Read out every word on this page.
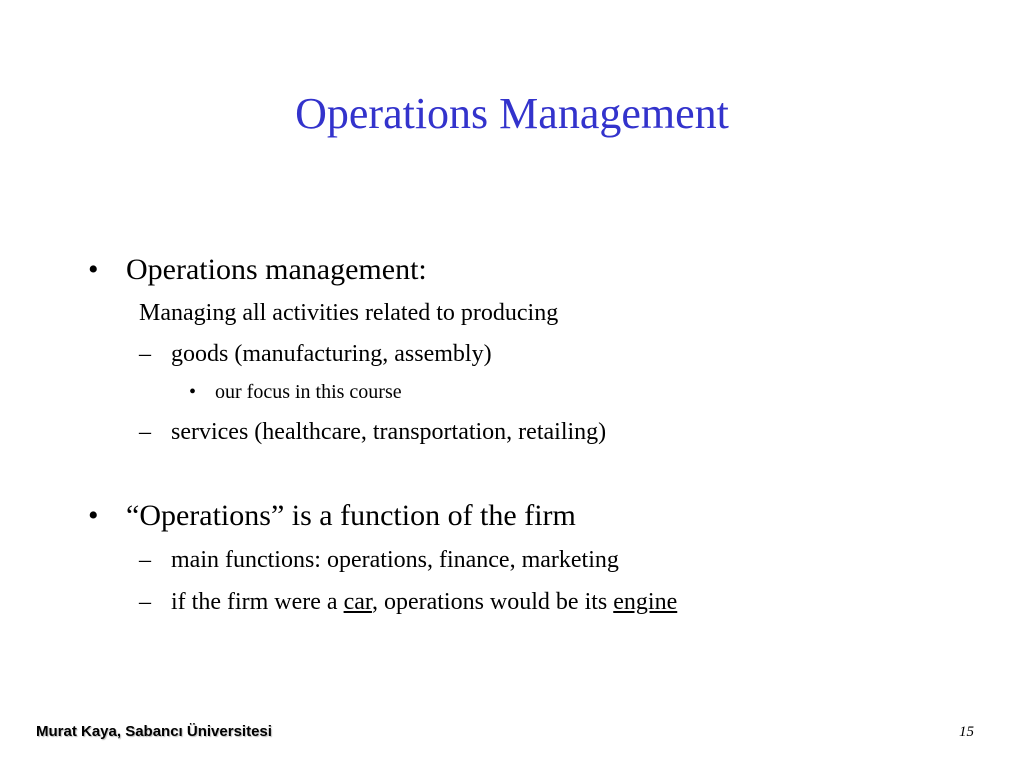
Operations Management
• Operations management:
Managing all activities related to producing
– goods (manufacturing, assembly)
• our focus in this course
– services (healthcare, transportation, retailing)
• “Operations” is a function of the firm
– main functions: operations, finance, marketing
– if the firm were a car, operations would be its engine
Murat Kaya, Sabancı Üniversitesi	15
